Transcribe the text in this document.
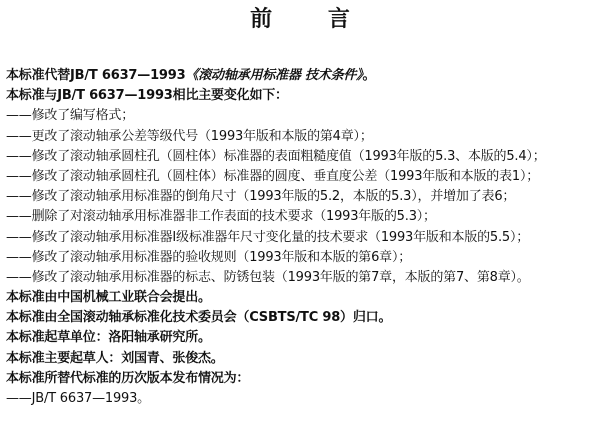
前 言
本标准代替JB/T 6637—1993《滚动轴承用标准器 技术条件》。
本标准与JB/T 6637—1993相比主要变化如下：
——修改了编写格式；
——更改了滚动轴承公差等级代号（1993年版和本版的第4章）；
——修改了滚动轴承圆柱孔（圆柱体）标准器的表面粗糙度值（1993年版的5.3、本版的5.4）；
——修改了滚动轴承圆柱孔（圆柱体）标准器的圆度、垂直度公差（1993年版和本版的表1）；
——修改了滚动轴承用标准器的倒角尺寸（1993年版的5.2，本版的5.3），并增加了表6；
——删除了对滚动轴承用标准器非工作表面的技术要求（1993年版的5.3）；
——修改了滚动轴承用标准器Ⅰ级标准器年尺寸变化量的技术要求（1993年版和本版的5.5）；
——修改了滚动轴承用标准器的验收规则（1993年版和本版的第6章）；
——修改了滚动轴承用标准器的标志、防锈包装（1993年版的第7章，本版的第7、第8章）。
本标准由中国机械工业联合会提出。
本标准由全国滚动轴承标准化技术委员会（CSBTS/TC 98）归口。
本标准起草单位：洛阳轴承研究所。
本标准主要起草人：刘国青、张俊杰。
本标准所替代标准的历次版本发布情况为：
——JB/T 6637—1993。
